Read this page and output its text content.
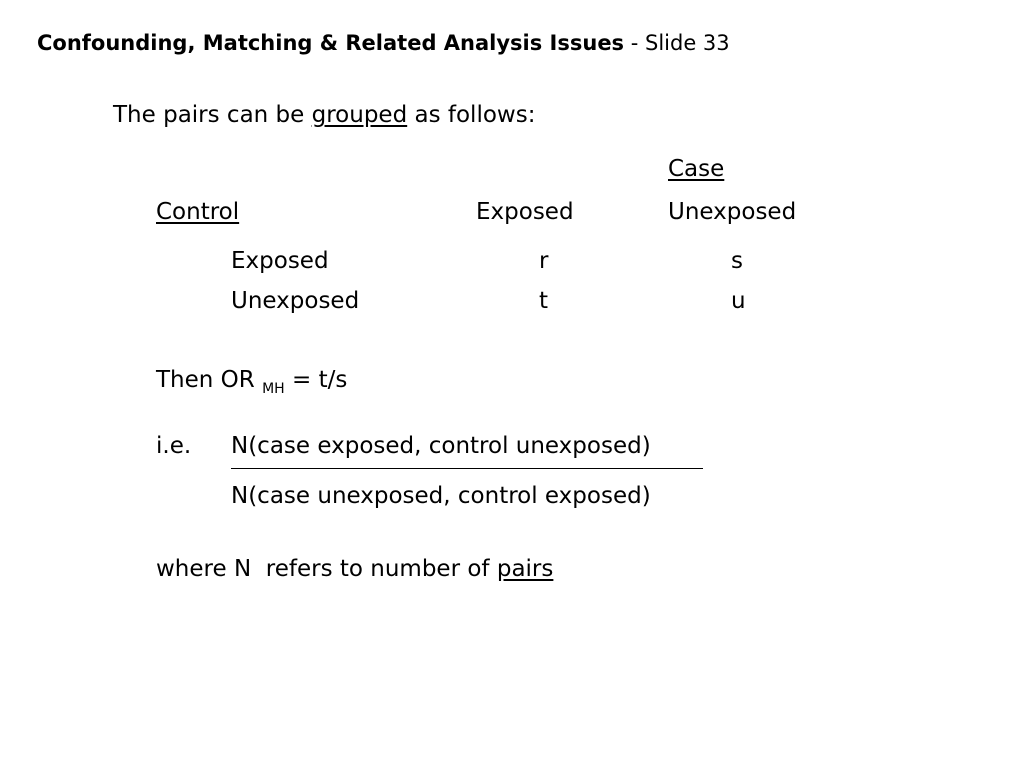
Confounding, Matching & Related Analysis Issues - Slide 33
The pairs can be grouped as follows:
Case
Control	Exposed	Unexposed
Exposed	r	s
Unexposed	t	u
Then OR $_{MH}$ = t/s
i.e. N(case exposed, control unexposed)
N(case unexposed, control exposed)
where N  refers to number of pairs
